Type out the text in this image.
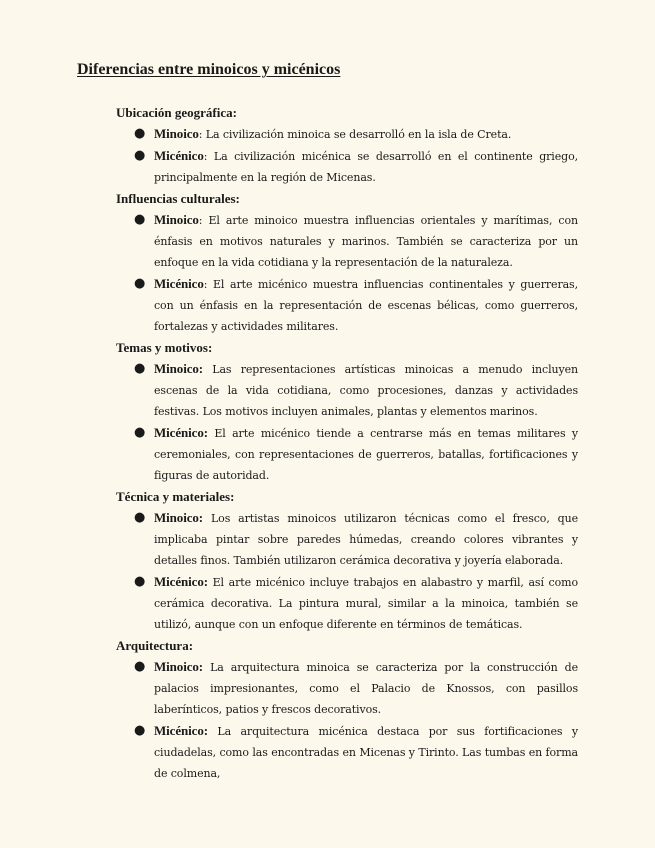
Diferencias entre minoicos y micénicos
Ubicación geográfica:
● Minoico: La civilización minoica se desarrolló en la isla de Creta.
● Micénico: La civilización micénica se desarrolló en el continente griego, principalmente en la región de Micenas.
Influencias culturales:
● Minoico: El arte minoico muestra influencias orientales y marítimas, con énfasis en motivos naturales y marinos. También se caracteriza por un enfoque en la vida cotidiana y la representación de la naturaleza.
● Micénico: El arte micénico muestra influencias continentales y guerreras, con un énfasis en la representación de escenas bélicas, como guerreros, fortalezas y actividades militares.
Temas y motivos:
● Minoico: Las representaciones artísticas minoicas a menudo incluyen escenas de la vida cotidiana, como procesiones, danzas y actividades festivas. Los motivos incluyen animales, plantas y elementos marinos.
● Micénico: El arte micénico tiende a centrarse más en temas militares y ceremoniales, con representaciones de guerreros, batallas, fortificaciones y figuras de autoridad.
Técnica y materiales:
● Minoico: Los artistas minoicos utilizaron técnicas como el fresco, que implicaba pintar sobre paredes húmedas, creando colores vibrantes y detalles finos. También utilizaron cerámica decorativa y joyería elaborada.
● Micénico: El arte micénico incluye trabajos en alabastro y marfil, así como cerámica decorativa. La pintura mural, similar a la minoica, también se utilizó, aunque con un enfoque diferente en términos de temáticas.
Arquitectura:
● Minoico: La arquitectura minoica se caracteriza por la construcción de palacios impresionantes, como el Palacio de Knossos, con pasillos laberínticos, patios y frescos decorativos.
● Micénico: La arquitectura micénica destaca por sus fortificaciones y ciudadelas, como las encontradas en Micenas y Tirinto. Las tumbas en forma de colmena,
